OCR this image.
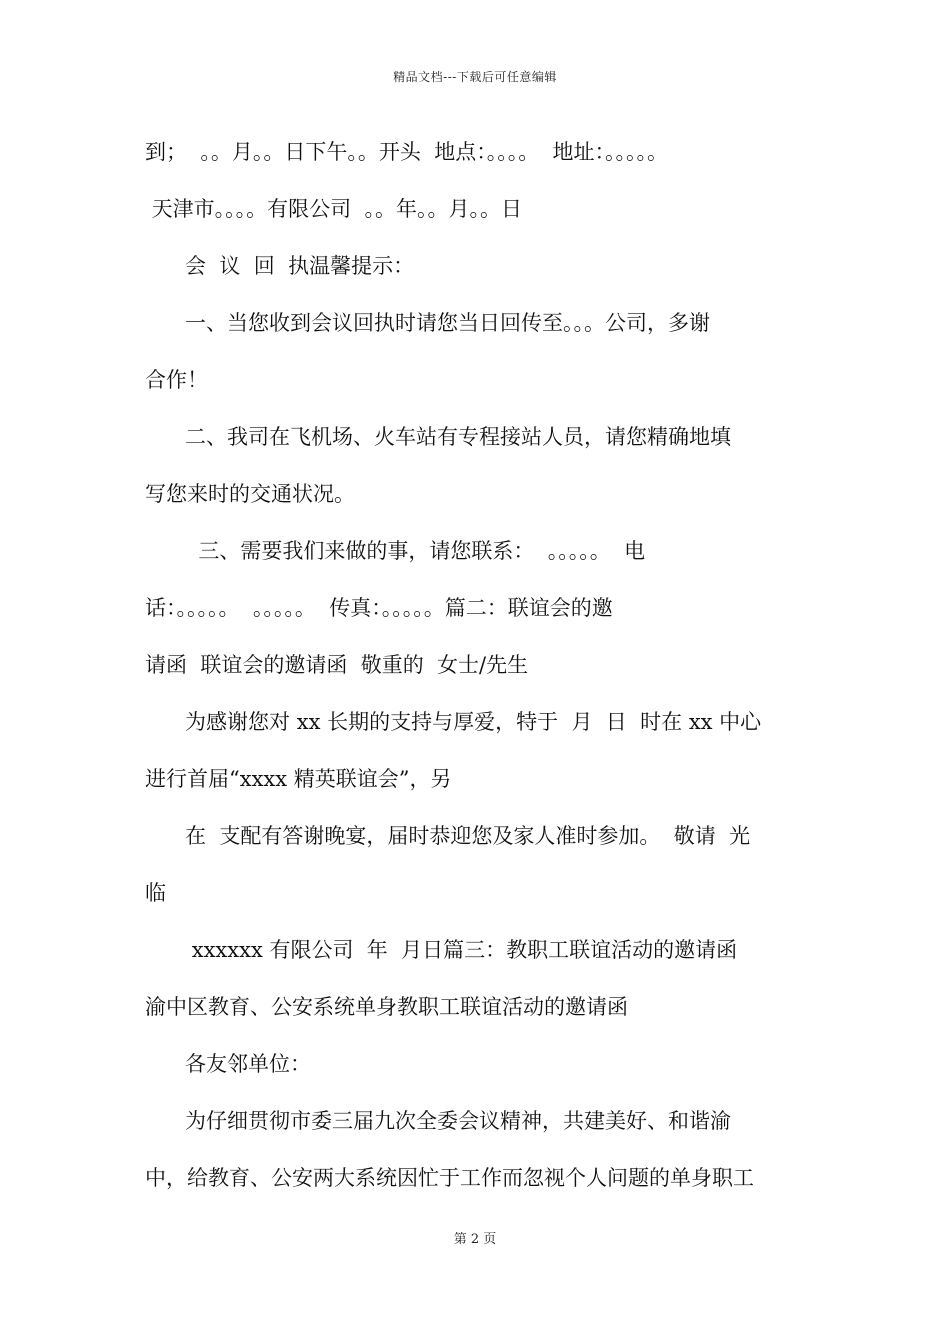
精品文档---下载后可任意编辑
到；  。。月。。日下午。。开头  地点：。。。。  地址：。。。。。
天津市。。。。有限公司  。。年。。月。。日
会  议  回  执温馨提示：
一、当您收到会议回执时请您当日回传至。。。公司，多谢
合作！
二、我司在飞机场、火车站有专程接站人员，请您精确地填
写您来时的交通状况。
三、需要我们来做的事，请您联系：  。。。。。  电
话：。。。。。  。。。。。  传真：。。。。。篇二：联谊会的邀
请函  联谊会的邀请函  敬重的  女士/先生
为感谢您对 xx 长期的支持与厚爱，特于  月  日  时在 xx 中心
进行首届“xxxx 精英联谊会”，另
在  支配有答谢晚宴，届时恭迎您及家人准时参加。  敬请  光
临
xxxxxx 有限公司  年  月日篇三：教职工联谊活动的邀请函
渝中区教育、公安系统单身教职工联谊活动的邀请函
各友邻单位：
为仔细贯彻市委三届九次全委会议精神，共建美好、和谐渝
中，给教育、公安两大系统因忙于工作而忽视个人问题的单身职工
第 2 页
